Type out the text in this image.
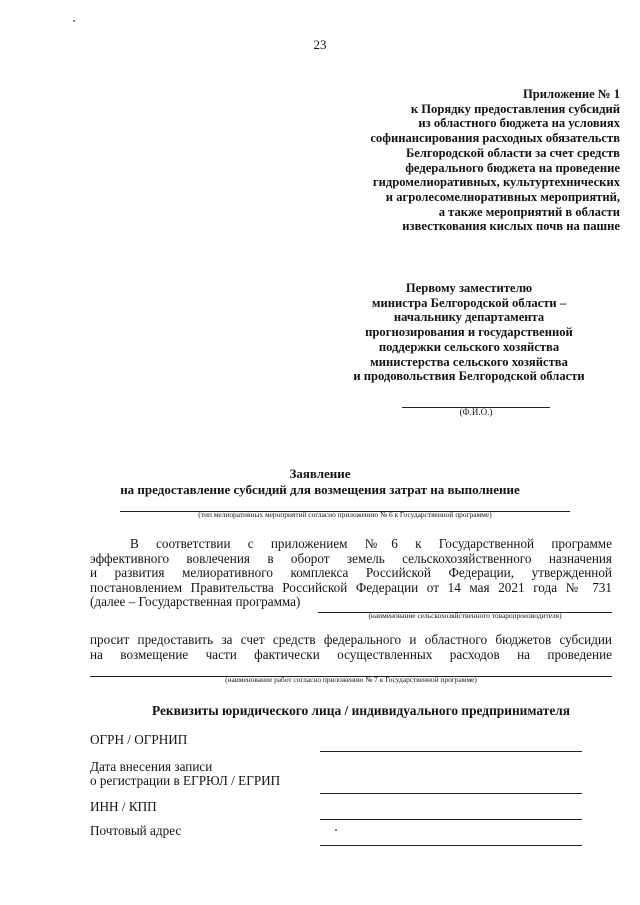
23
Приложение № 1
к Порядку предоставления субсидий
из областного бюджета на условиях
софинансирования расходных обязательств
Белгородской области за счет средств
федерального бюджета на проведение
гидромелиоративных, культуртехнических
и агролесомелиоративных мероприятий,
а также мероприятий в области
известкования кислых почв на пашне
Первому заместителю
министра Белгородской области –
начальнику департамента
прогнозирования и государственной
поддержки сельского хозяйства
министерства сельского хозяйства
и продовольствия Белгородской области
(Ф.И.О.)
Заявление
на предоставление субсидий для возмещения затрат на выполнение
(тип мелиоративных мероприятий согласно приложению № 6 к Государственной программе)
В соответствии с приложением №6 к Государственной программе
эффективного вовлечения в оборот земель сельскохозяйственного назначения
и развития мелиоративного комплекса Российской Федерации, утвержденной
постановлением Правительства Российской Федерации от 14 мая 2021 года № 731
(далее – Государственная программа)
(наименование сельскохозяйственного товаропроизводителя)
просит предоставить за счет средств федерального и областного бюджетов субсидии
на возмещение части фактически осуществленных расходов на проведение
(наименование работ согласно приложению № 7 к Государственной программе)
Реквизиты юридического лица / индивидуального предпринимателя
ОГРН / ОГРНИП
Дата внесения записи
о регистрации в ЕГРЮЛ / ЕГРИП
ИНН / КПП
Почтовый адрес
